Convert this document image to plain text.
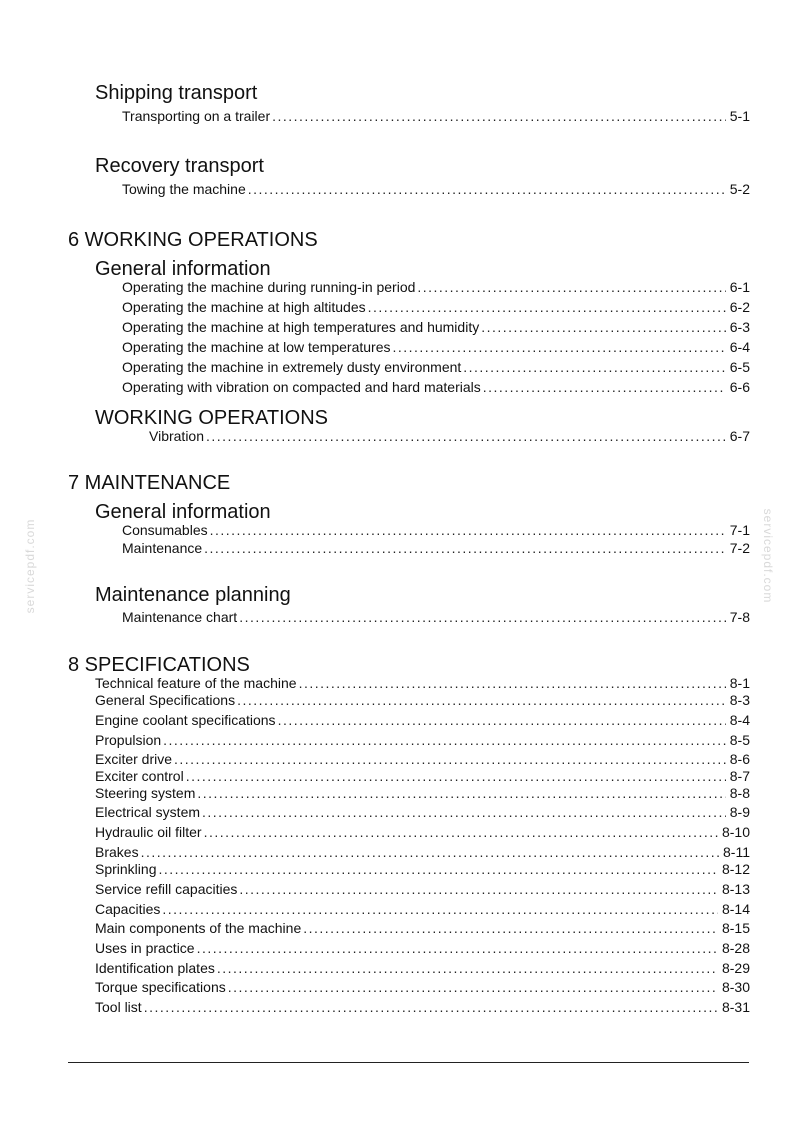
Shipping transport
Transporting on a trailer . . .	5-1
Recovery transport
Towing the machine . . .	5-2
6 WORKING OPERATIONS
General information
Operating the machine during running-in period . . .	6-1
Operating the machine at high altitudes . . .	6-2
Operating the machine at high temperatures and humidity . . .	6-3
Operating the machine at low temperatures . . .	6-4
Operating the machine in extremely dusty environment . . .	6-5
Operating with vibration on compacted and hard materials . . .	6-6
WORKING OPERATIONS
Vibration . . .	6-7
7 MAINTENANCE
General information
Consumables . . .	7-1
Maintenance . . .	7-2
Maintenance planning
Maintenance chart . . .	7-8
8 SPECIFICATIONS
Technical feature of the machine . . .	8-1
General Specifications . . .	8-3
Engine coolant specifications . . .	8-4
Propulsion . . .	8-5
Exciter drive . . .	8-6
Exciter control . . .	8-7
Steering system . . .	8-8
Electrical system . . .	8-9
Hydraulic oil filter . . .	8-10
Brakes . . .	8-11
Sprinkling . . .	8-12
Service refill capacities . . .	8-13
Capacities . . .	8-14
Main components of the machine . . .	8-15
Uses in practice . . .	8-28
Identification plates . . .	8-29
Torque specifications . . .	8-30
Tool list . . .	8-31
servicepdf.com	servicepdf.com
